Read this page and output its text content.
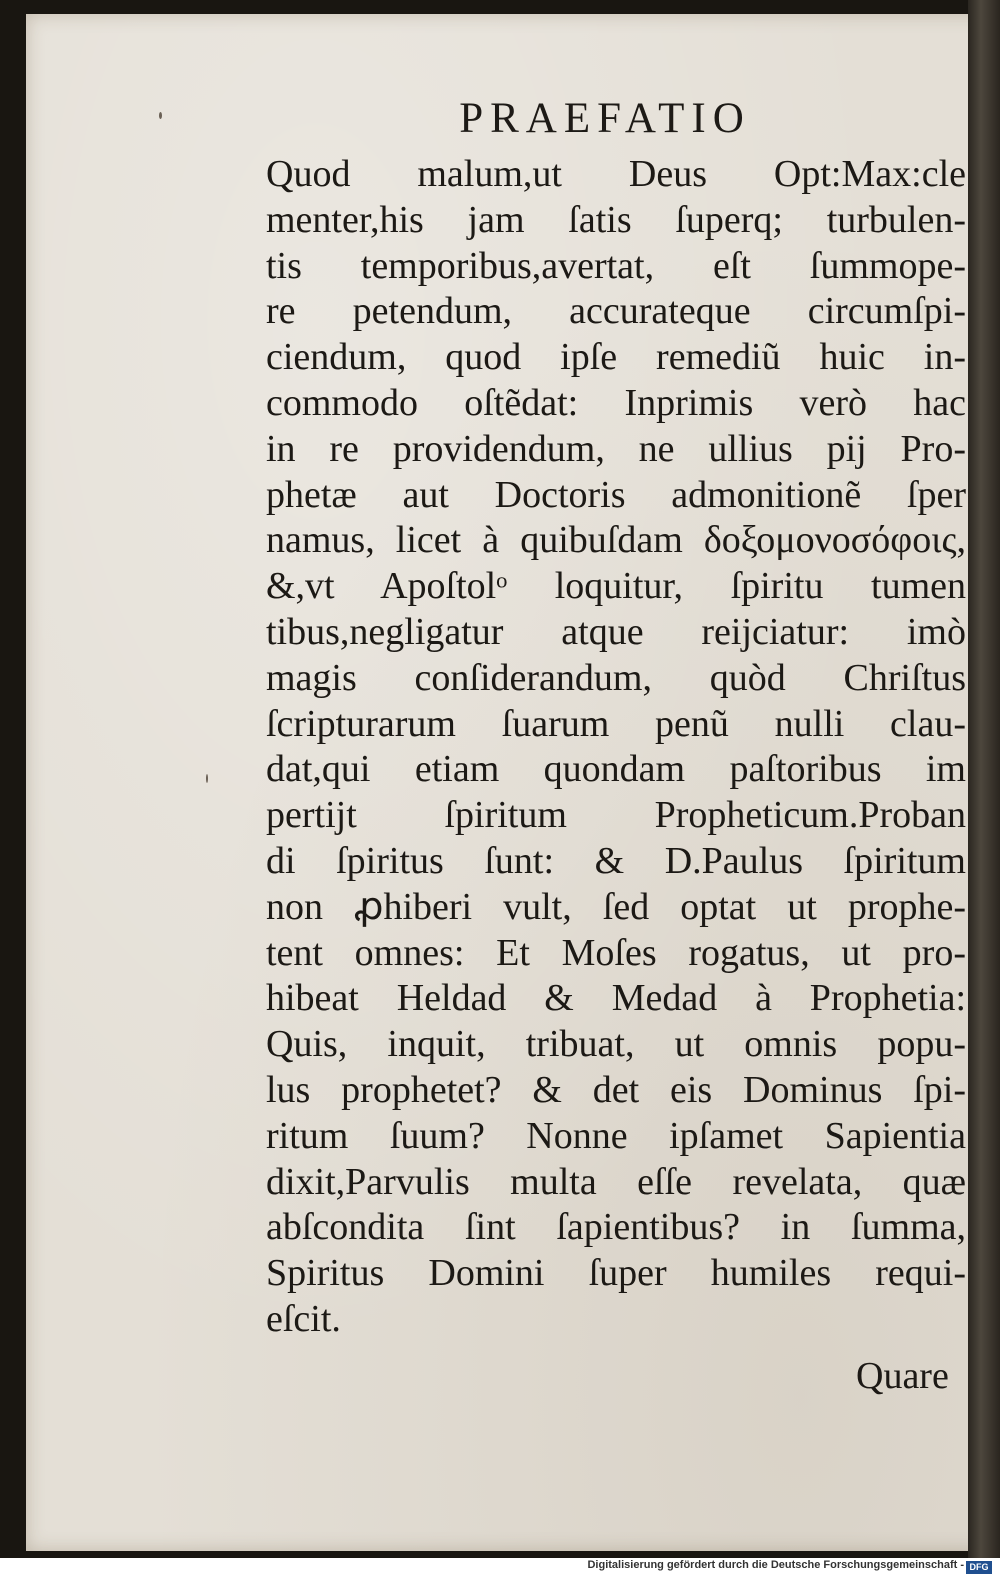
PRAEFATIO
Quod malum,ut Deus Opt:Max:cle
menter,his jam ſatis ſuperq; turbulen-
tis temporibus,avertat, eſt ſummope-
re petendum, accurateque circumſpi-
ciendum, quod ipſe remediũ huic in-
commodo oſtẽdat: Inprimis verò hac
in re providendum, ne ullius pij Pro-
phetæ aut Doctoris admonitionẽ ſper
namus, licet à quibuſdam δοξομονοσόφοις,
&,vt Apoſtolᵒ loquitur, ſpiritu tumen
tibus,negligatur atque reijciatur: imò
magis conſiderandum, quòd Chriſtus
ſcripturarum ſuarum penũ nulli clau-
dat,qui etiam quondam paſtoribus im
pertijt ſpiritum Propheticum.Proban
di ſpiritus ſunt: & D.Paulus ſpiritum
non ꝓhiberi vult, ſed optat ut prophe-
tent omnes: Et Moſes rogatus, ut pro-
hibeat Heldad & Medad à Prophetia:
Quis, inquit, tribuat, ut omnis popu-
lus prophetet? & det eis Dominus ſpi-
ritum ſuum? Nonne ipſamet Sapientia
dixit,Parvulis multa eſſe revelata, quæ
abſcondita ſint ſapientibus? in ſumma,
Spiritus Domini ſuper humiles requi-
eſcit.
Quare
Digitalisierung gefördert durch die Deutsche Forschungsgemeinschaft - DFG
